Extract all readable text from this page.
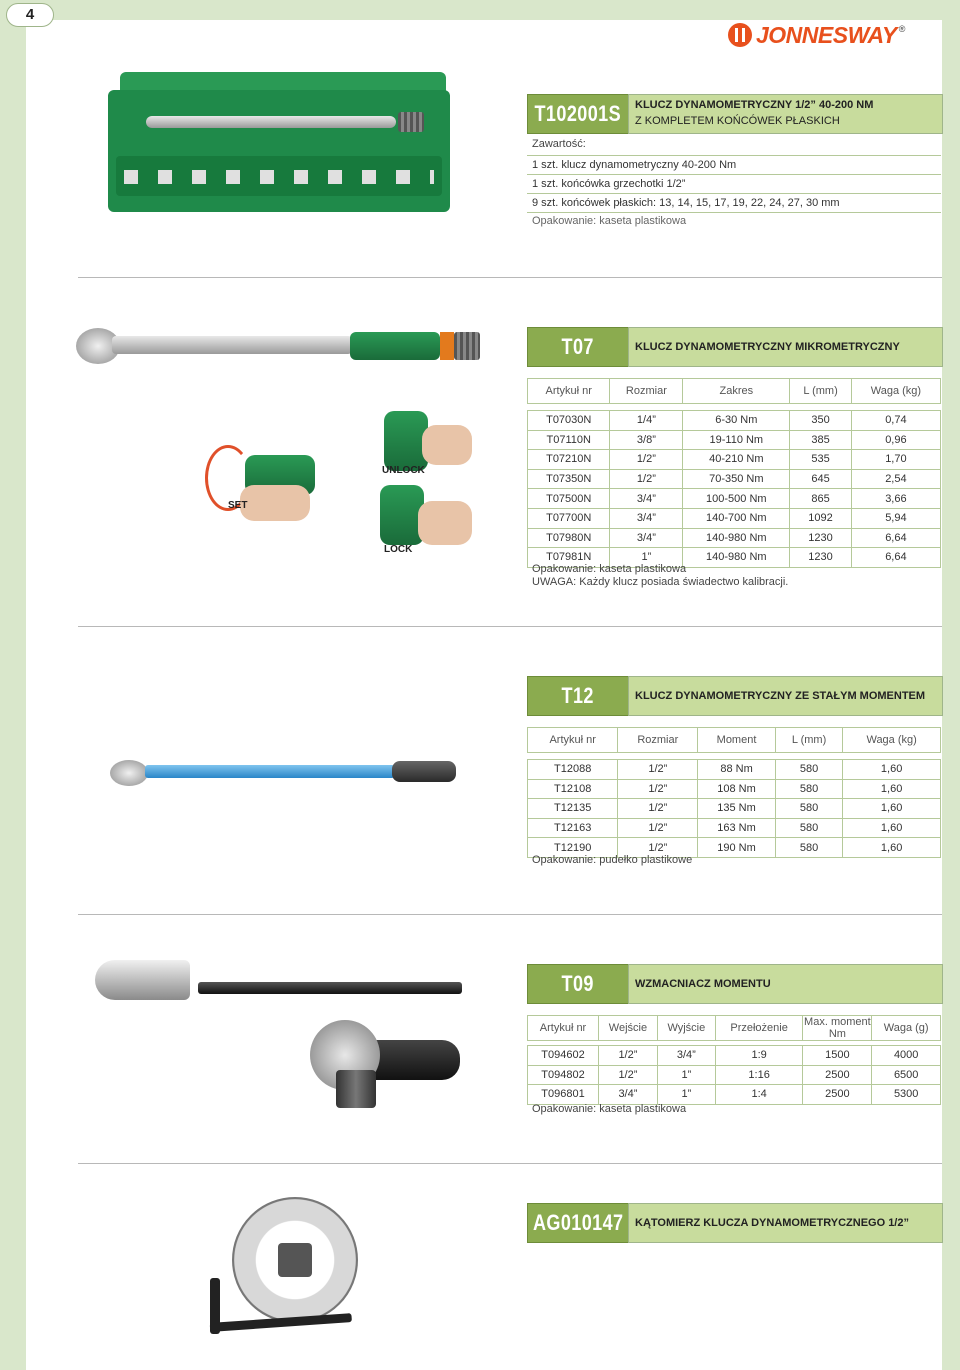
4
JONNESWAY ®
T102001S	KLUCZ DYNAMOMETRYCZNY 1/2” 40-200 NM
Z KOMPLETEM KOŃCÓWEK PŁASKICH
Zawartość:
1 szt. klucz dynamometryczny 40-200 Nm
1 szt. końcówka grzechotki 1/2”
9 szt. końcówek płaskich: 13, 14, 15, 17, 19, 22, 24, 27, 30 mm
Opakowanie: kaseta plastikowa
SET
UNLOCK
LOCK
T07	KLUCZ DYNAMOMETRYCZNY MIKROMETRYCZNY
Artykuł nr	Rozmiar	Zakres	L (mm)	Waga (kg)

T07030N	1/4”	6-30 Nm	350	0,74
T07110N	3/8”	19-110 Nm	385	0,96
T07210N	1/2”	40-210 Nm	535	1,70
T07350N	1/2”	70-350 Nm	645	2,54
T07500N	3/4”	100-500 Nm	865	3,66
T07700N	3/4”	140-700 Nm	1092	5,94
T07980N	3/4”	140-980 Nm	1230	6,64
T07981N	1”	140-980 Nm	1230	6,64
Opakowanie: kaseta plastikowa
UWAGA: Każdy klucz posiada świadectwo kalibracji.
T12	KLUCZ DYNAMOMETRYCZNY ZE STAŁYM MOMENTEM
Artykuł nr	Rozmiar	Moment	L (mm)	Waga (kg)

T12088	1/2”	88 Nm	580	1,60
T12108	1/2”	108 Nm	580	1,60
T12135	1/2”	135 Nm	580	1,60
T12163	1/2”	163 Nm	580	1,60
T12190	1/2”	190 Nm	580	1,60
Opakowanie: pudełko plastikowe
T09	WZMACNIACZ MOMENTU
Artykuł nr	Wejście	Wyjście	Przełożenie	Max. moment Nm	Waga (g)

T094602	1/2”	3/4”	1:9	1500	4000
T094802	1/2”	1”	1:16	2500	6500
T096801	3/4”	1”	1:4	2500	5300
Opakowanie: kaseta plastikowa
AG010147	KĄTOMIERZ KLUCZA DYNAMOMETRYCZNEGO 1/2”
